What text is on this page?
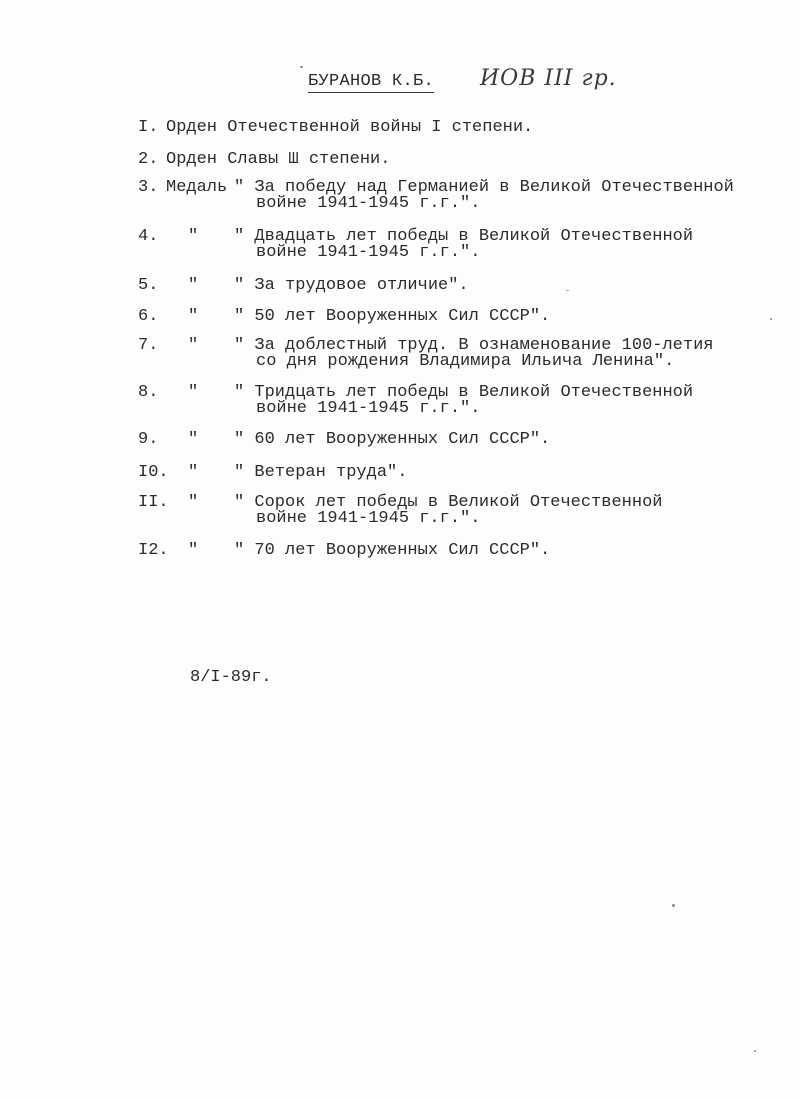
БУРАНОВ К.Б. ИОВ III гр.
I. Орден Отечественной войны I степени.
2. Орден Славы Ш степени.
3. Медаль " За победу над Германией в Великой Отечественной
войне 1941-1945 г.г.".
4. " " Двадцать лет победы в Великой Отечественной
войне 1941-1945 г.г.".
5. " " За трудовое отличие".
6. " " 50 лет Вооруженных Сил СССР".
7. " " За доблестный труд. В ознаменование 100-летия
со дня рождения Владимира Ильича Ленина".
8. " " Тридцать лет победы в Великой Отечественной
войне 1941-1945 г.г.".
9. " " 60 лет Вооруженных Сил СССР".
I0. " " Ветеран труда".
II. " " Сорок лет победы в Великой Отечественной
войне 1941-1945 г.г.".
I2. " " 70 лет Вооруженных Сил СССР".
8/I-89г.
